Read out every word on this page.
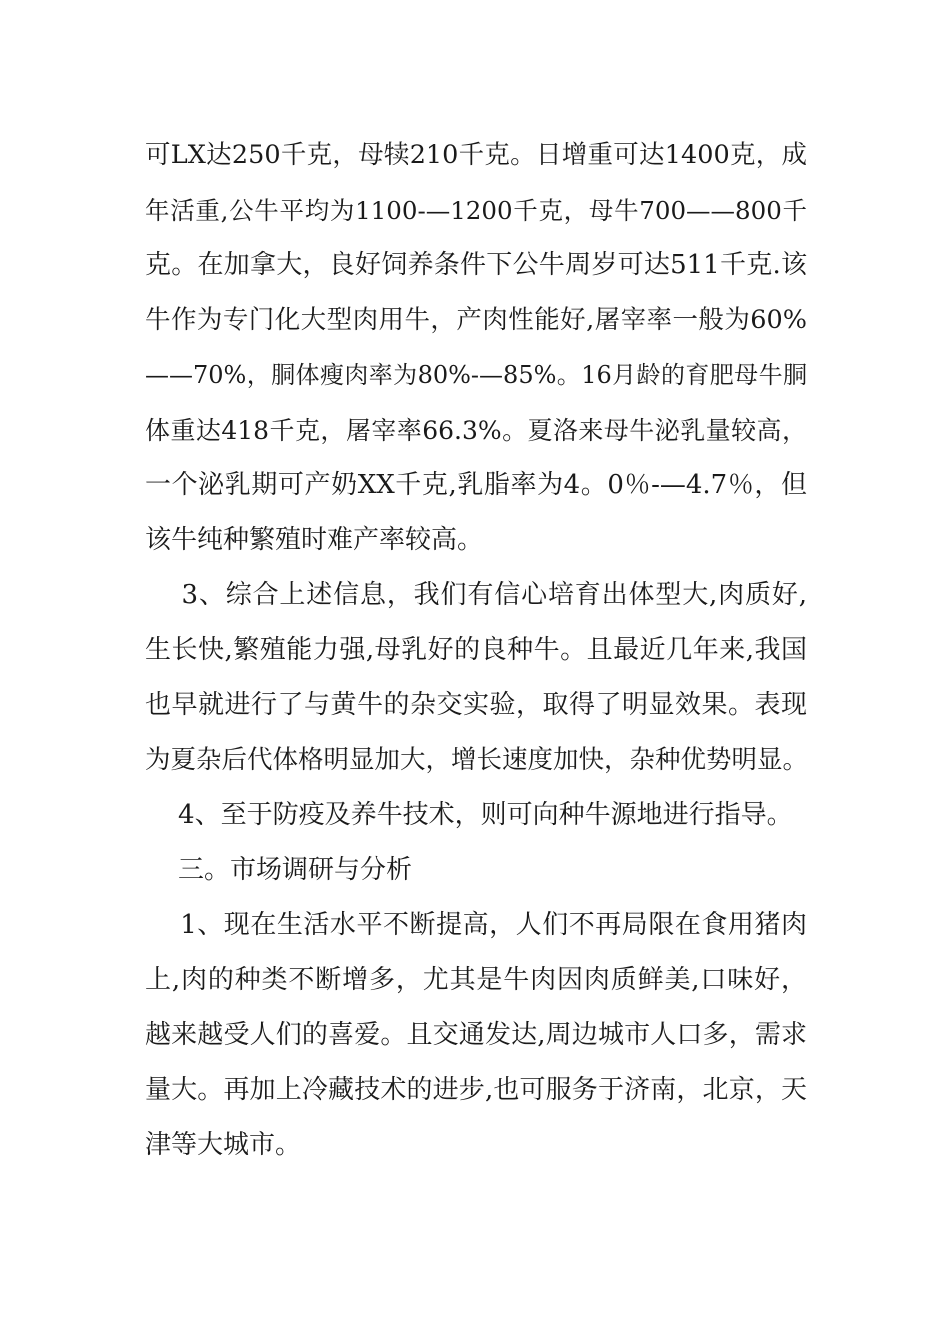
可LX达250千克，母犊210千克。日增重可达1400克，成
年活重,公牛平均为1100-—1200千克，母牛700——800千
克。在加拿大，良好饲养条件下公牛周岁可达511千克.该
牛作为专门化大型肉用牛，产肉性能好,屠宰率一般为60%
——70%，胴体瘦肉率为80%-—85%。16月龄的育肥母牛胴
体重达418千克，屠宰率66.3%。夏洛来母牛泌乳量较高，
一个泌乳期可产奶XX千克,乳脂率为4。0％-—4.7％，但
该牛纯种繁殖时难产率较高。
3、综合上述信息，我们有信心培育出体型大,肉质好,
生长快,繁殖能力强,母乳好的良种牛。且最近几年来,我国
也早就进行了与黄牛的杂交实验，取得了明显效果。表现
为夏杂后代体格明显加大，增长速度加快，杂种优势明显。
4、至于防疫及养牛技术，则可向种牛源地进行指导。
三。市场调研与分析
1、现在生活水平不断提高，人们不再局限在食用猪肉
上,肉的种类不断增多，尤其是牛肉因肉质鲜美,口味好，
越来越受人们的喜爱。且交通发达,周边城市人口多，需求
量大。再加上冷藏技术的进步,也可服务于济南，北京，天
津等大城市。
